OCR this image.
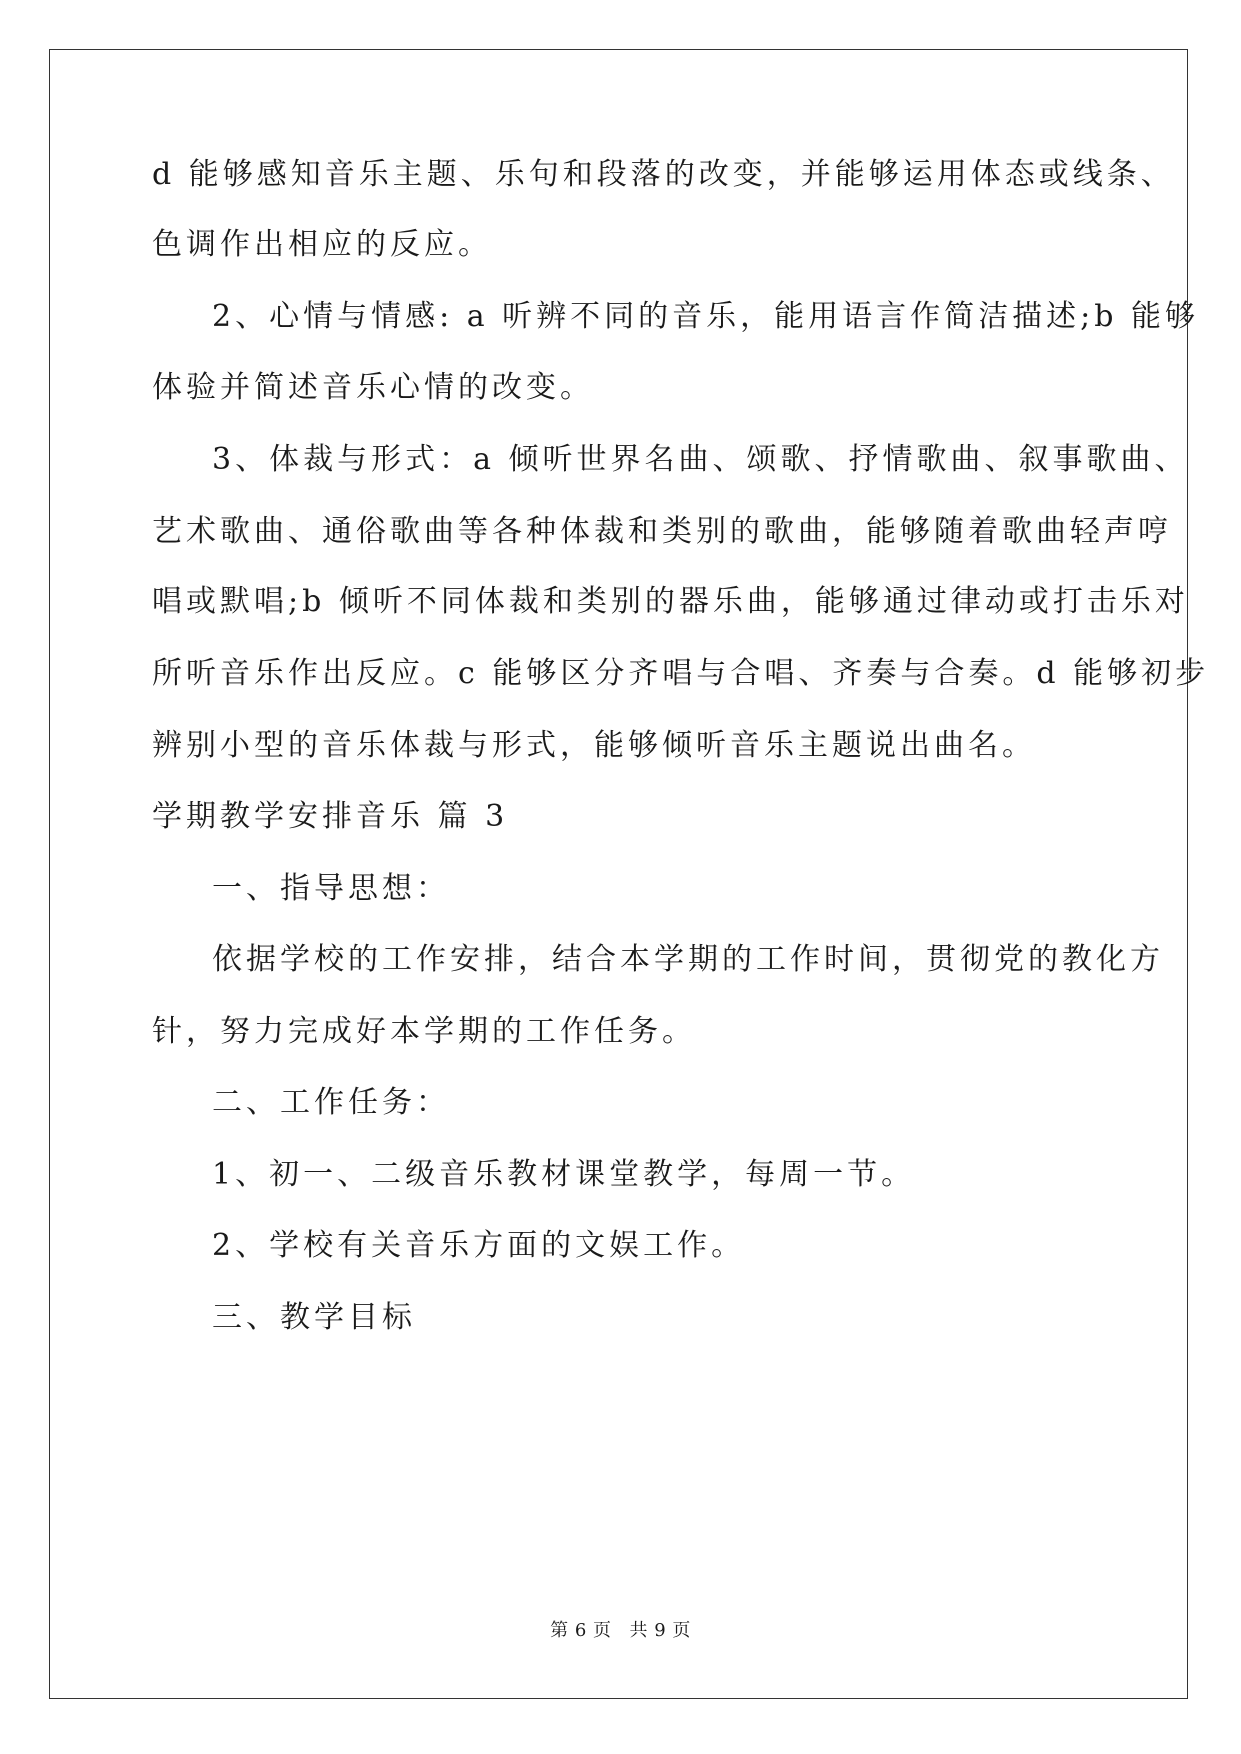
d 能够感知音乐主题、乐句和段落的改变，并能够运用体态或线条、
色调作出相应的反应。
2、心情与情感: a 听辨不同的音乐，能用语言作简洁描述;b 能够
体验并简述音乐心情的改变。
3、体裁与形式：a 倾听世界名曲、颂歌、抒情歌曲、叙事歌曲、
艺术歌曲、通俗歌曲等各种体裁和类别的歌曲，能够随着歌曲轻声哼
唱或默唱;b 倾听不同体裁和类别的器乐曲，能够通过律动或打击乐对
所听音乐作出反应。c 能够区分齐唱与合唱、齐奏与合奏。d 能够初步
辨别小型的音乐体裁与形式，能够倾听音乐主题说出曲名。
学期教学安排音乐 篇 3
一、指导思想：
依据学校的工作安排，结合本学期的工作时间，贯彻党的教化方
针，努力完成好本学期的工作任务。
二、工作任务：
1、初一、二级音乐教材课堂教学，每周一节。
2、学校有关音乐方面的文娱工作。
三、教学目标
第 6 页 共 9 页
